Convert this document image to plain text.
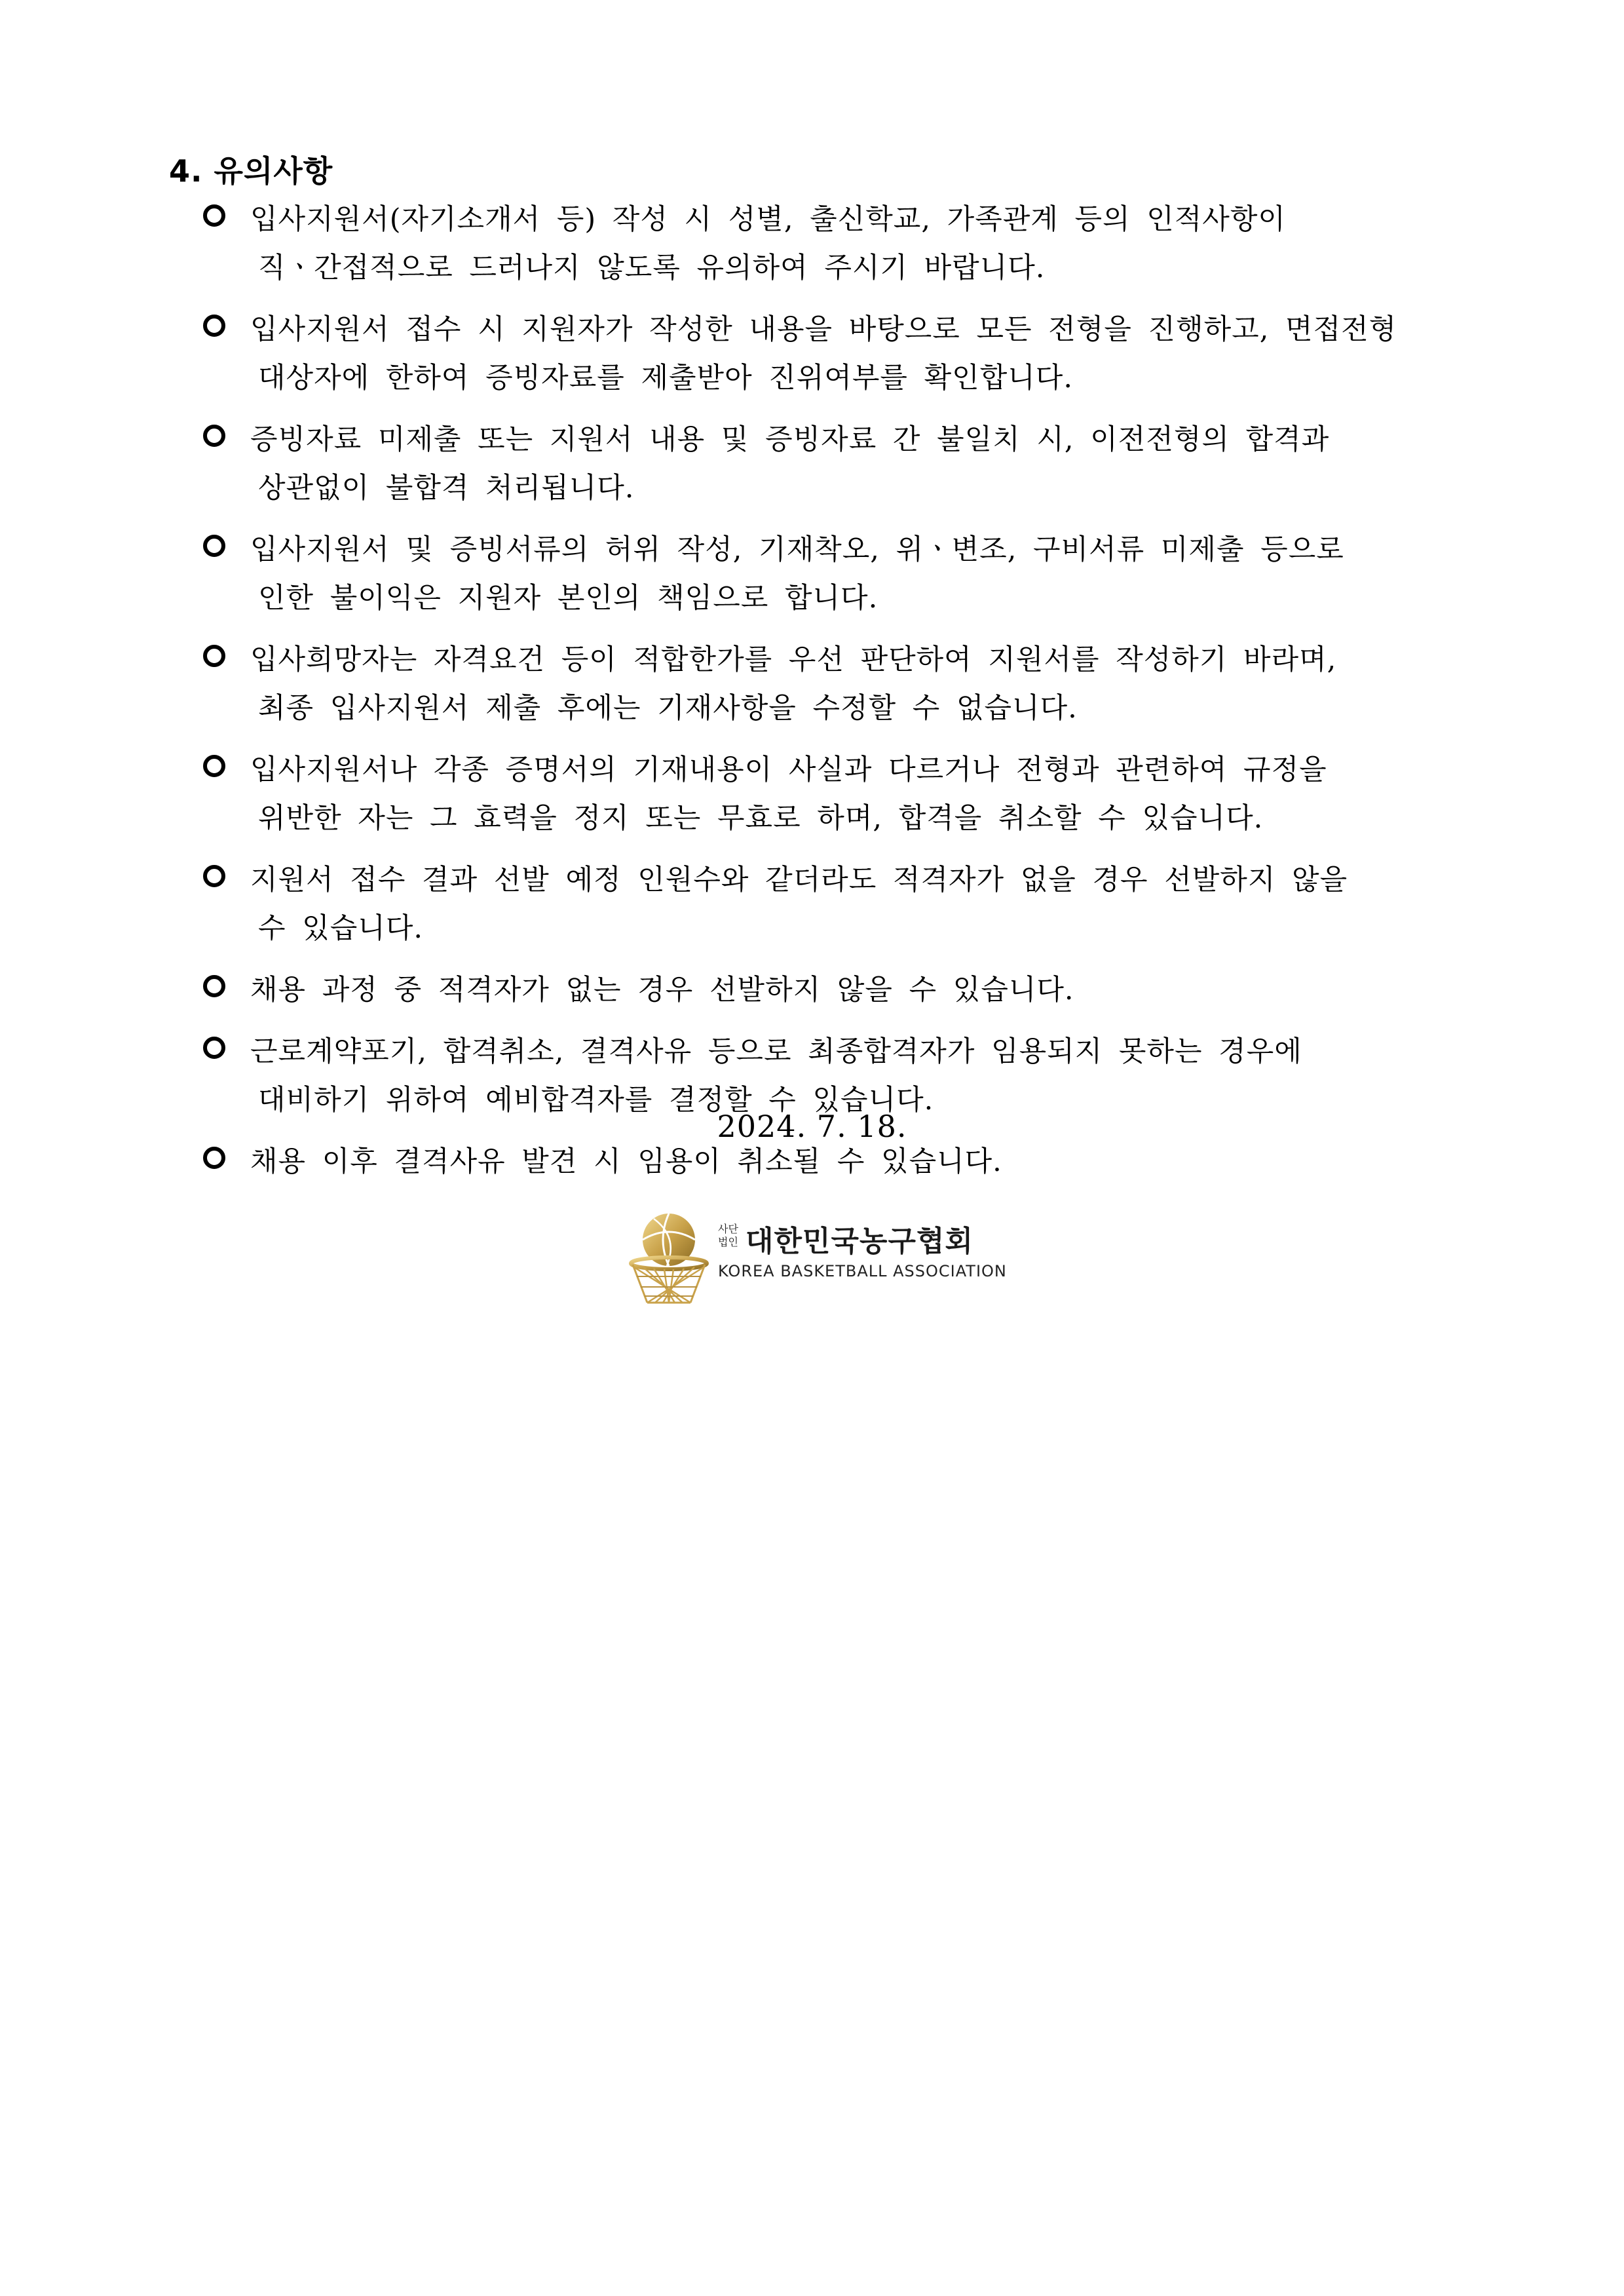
4. 유의사항
입사지원서(자기소개서 등) 작성 시 성별, 출신학교, 가족관계 등의 인적사항이
직ㆍ간접적으로 드러나지 않도록 유의하여 주시기 바랍니다.
입사지원서 접수 시 지원자가 작성한 내용을 바탕으로 모든 전형을 진행하고, 면접전형
대상자에 한하여 증빙자료를 제출받아 진위여부를 확인합니다.
증빙자료 미제출 또는 지원서 내용 및 증빙자료 간 불일치 시, 이전전형의 합격과
상관없이 불합격 처리됩니다.
입사지원서 및 증빙서류의 허위 작성, 기재착오, 위ㆍ변조, 구비서류 미제출 등으로
인한 불이익은 지원자 본인의 책임으로 합니다.
입사희망자는 자격요건 등이 적합한가를 우선 판단하여 지원서를 작성하기 바라며,
최종 입사지원서 제출 후에는 기재사항을 수정할 수 없습니다.
입사지원서나 각종 증명서의 기재내용이 사실과 다르거나 전형과 관련하여 규정을
위반한 자는 그 효력을 정지 또는 무효로 하며, 합격을 취소할 수 있습니다.
지원서 접수 결과 선발 예정 인원수와 같더라도 적격자가 없을 경우 선발하지 않을
수 있습니다.
채용 과정 중 적격자가 없는 경우 선발하지 않을 수 있습니다.
근로계약포기, 합격취소, 결격사유 등으로 최종합격자가 임용되지 못하는 경우에
대비하기 위하여 예비합격자를 결정할 수 있습니다.
채용 이후 결격사유 발견 시 임용이 취소될 수 있습니다.
2024. 7. 18.
사단법인 대한민국농구협회
KOREA BASKETBALL ASSOCIATION
